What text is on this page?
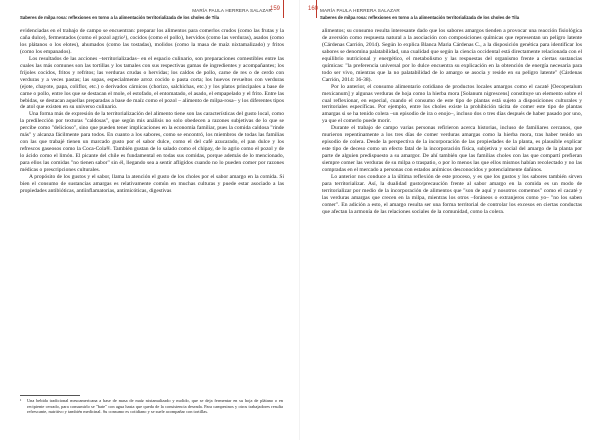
MARÍA PAULA HERRERA SALAZAR
Saberes de milpa rosa: reflexiones en torno a la alimentación territorializada de los choles de Tila
159

evidenciadas en el trabajo de campo se encuentran: preparar los alimentos para comerlos crudos (como las frutas y la caña dulce), fermentados (como el pozol agrio¹), cocidos (como el pollo), hervidos (como las verduras), asados (como los plátanos o los elotes), ahumados (como las tostadas), molidos (como la masa de maíz nixtamalizado) y fritos (como los empanados).

Los resultados de las acciones –territorializadas– en el espacio culinario, son preparaciones comestibles entre las cuales las más comunes son las tortillas y los tamales con sus respectivas gamas de ingredientes y acompañantes; los frijoles cocidos, fritos y refritos; las verduras crudas o hervidas; los caldos de pollo, carne de res o de cerdo con verduras y a veces pastas; las sopas, especialmente arroz cocido o pasta corta; los huevos revueltos con verduras (ejote, chayote, papa, coliflor, etc.) o derivados cárnicos (chorizo, salchichas, etc.) y los platos principales a base de carne o pollo, entre los que se destacan el mole, el estofado, el entomatado, el asado, el empapelado y el frito. Entre las bebidas, se destacan aquellas preparadas a base de maíz como el pozol – alimento de milpa-rosa– y los diferentes tipos de atol que existen en su universo culinario.

Una forma más de expresión de la territorialización del alimento tiene son las características del gusto local, como la predilección por texturas "caldosas", que según mis análisis no solo obedecen a razones subjetivas de lo que se percibe como "delicioso", sino que pueden tener implicaciones en la economía familiar, pues la comida caldosa "rinde más" y alcanza fácilmente para todos. En cuanto a los sabores, como se encontró, los miembros de todas las familias con las que trabajé tienen un marcado gusto por el sabor dulce, como el del café azucarado, el pan dulce y los refrescos gaseosos como la Coca-Cola®. También gustan de lo salado como el chipay, de lo agrio como el pozol y de lo ácido como el limón. El picante del chile es fundamental en todas sus comidas, porque además de lo mencionado, para ellos las comidas "no tienen sabor" sin él, llegando sea a sentir afligidos cuando no lo pueden comer por razones médicas o prescripciones culturales.

A propósito de los gustos y el sabor, llama la atención el gusto de los choles por el sabor amargo en la comida. Si bien el consumo de sustancias amargas es relativamente común en muchas culturas y puede estar asociado a las propiedades antibióticas, antiinflamatorias, antimicóticas, digestivas

¹ Una bebida tradicional mesoamericana a base de masa de maíz nixtamalizado y molido, que se deja fermentar en su hoja de plátano o en recipiente cerrado, para consumirlo se "bate" con agua hasta que queda de la consistencia deseada. Para campesinos y otros trabajadores resulta refrescante, nutritivo y también medicinal. Su consumo es cotidiano y se suele acompañar con tortillas.
160 MARÍA PAULA HERRERA SALAZAR
Saberes de milpa rosa: reflexiones en torno a la alimentación territorializada de los choles de Tila

alimentos; su consumo resulta interesante dado que los sabores amargos tienden a provocar una reacción fisiológica de aversión como respuesta natural a la asociación con composiciones químicas que representan un peligro latente (Cárdenas Carrión, 2014). Según lo explica Blanca Maria Cárdenas C., a la disposición genética para identificar los sabores se denomina palatabilidad, una cualidad que según la ciencia occidental está directamente relacionada con el equilibrio nutricional y energético, el metabolismo y las respuestas del organismo frente a ciertas sustancias químicas: "la preferencia universal por lo dulce encuentra su explicación en la obtención de energía necesaria para todo ser vivo, mientras que la no palatabilidad de lo amargo se asocia y reside en su peligro latente" (Cárdenas Carrión, 2014: 36-38).

Por lo anterior, el consumo alimentario cotidiano de productos locales amargos como el cacaté [Oecopetalum mexicanum] y algunas verduras de hoja como la hierba mora [Solanum nigrescens] constituye un elemento sobre el cual reflexionar, en especial, cuando el consumo de este tipo de plantas está sujeto a disposiciones culturales y territoriales específicas. Por ejemplo, entre los choles existe la prohibición tácita de comer este tipo de plantas amargas si se ha tenido colera –un episodio de ira o enojo–, incluso dos o tres días después de haber pasado por uno, ya que el comerlo puede morir.

Durante el trabajo de campo varias personas refirieron acerca historias, incluso de familiares cercanos, que murieron repentinamente a los tres días de comer verduras amargas como la hierba mora, tras haber tenido un episodio de colera. Desde la perspectiva de la incorporación de las propiedades de la planta, es plausible explicar este tipo de deceso como un efecto fatal de la incorporación física, subjetiva y social del amargo de la planta por parte de alguien predispuesto a su amargor. De ahí también que las familias choles con las que compartí prefieran siempre comer las verduras de su milpa o traspatio, o por lo menos las que ellos mismos habían recolectado y no las compradas en el mercado a personas con estados anímicos desconocidos y potencialmente dañinos.

Lo anterior nos conduce a la última reflexión de este proceso, y es que los gustos y los sabores también sirven para territorializar. Así, la dualidad gusto/precaución frente al sabor amargo en la comida es un modo de territorializar por medio de la incorporación de alimentos que "son de aquí y nosotros comemos" como el cacaté y las verduras amargas que crecen en la milpa, mientras los otros –foráneos o extranjeros como yo– "no los saben comer". En adición a esto, el amargo resulta ser una forma territorial de controlar los excesos en ciertas conductas que afectan la armonía de las relaciones sociales de la comunidad, como la colera.
